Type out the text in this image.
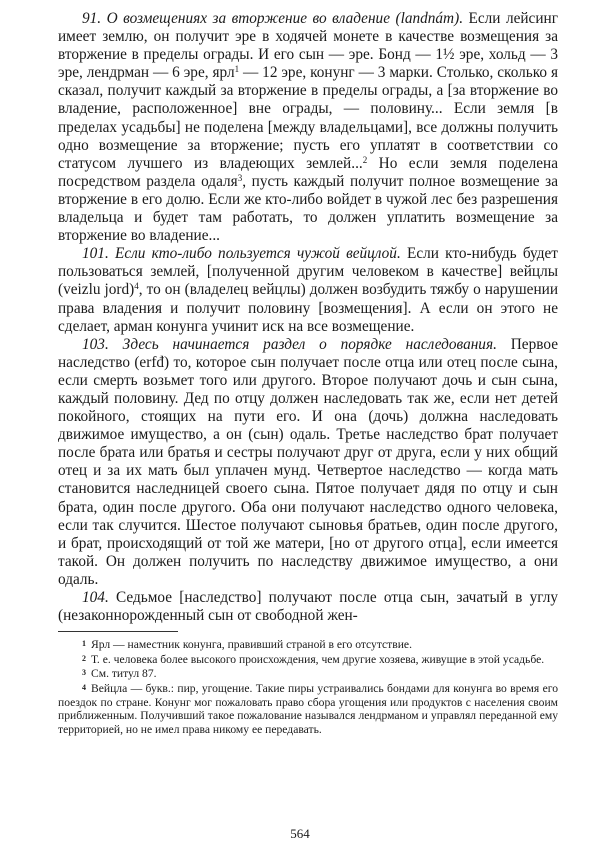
91. О возмещениях за вторжение во владение (landnám). Если лейсинг имеет землю, он получит эре в ходячей монете в качестве возмещения за вторжение в пределы ограды. И его сын — эре. Бонд — 1½ эре, хольд — 3 эре, лендрман — 6 эре, ярл$^1$ — 12 эре, конунг — 3 марки. Столько, сколько я сказал, получит каждый за вторжение в пределы ограды, а [за вторжение во владение, расположенное] вне ограды, — половину... Если земля [в пределах усадьбы] не поделена [между владельцами], все должны получить одно возмещение за вторжение; пусть его уплатят в соответствии со статусом лучшего из владеющих землей...$^2$ Но если земля поделена посредством раздела одаля$^3$, пусть каждый получит полное возмещение за вторжение в его долю. Если же кто-либо войдет в чужой лес без разрешения владельца и будет там работать, то должен уплатить возмещение за вторжение во владение...

101. Если кто-либо пользуется чужой вейцлой. Если кто-нибудь будет пользоваться землей, [полученной другим человеком в качестве] вейцлы (veizlu jord)$^4$, то он (владелец вейцлы) должен возбудить тяжбу о нарушении права владения и получит половину [возмещения]. А если он этого не сделает, арман конунга учинит иск на все возмещение.

103. Здесь начинается раздел о порядке наследования. Первое наследство (erfđ) то, которое сын получает после отца или отец после сына, если смерть возьмет того или другого. Второе получают дочь и сын сына, каждый половину. Дед по отцу должен наследовать так же, если нет детей покойного, стоящих на пути его. И она (дочь) должна наследовать движимое имущество, а он (сын) одаль. Третье наследство брат получает после брата или братья и сестры получают друг от друга, если у них общий отец и за их мать был уплачен мунд. Четвертое наследство — когда мать становится наследницей своего сына. Пятое получает дядя по отцу и сын брата, один после другого. Оба они получают наследство одного человека, если так случится. Шестое получают сыновья братьев, один после другого, и брат, происходящий от той же матери, [но от другого отца], если имеется такой. Он должен получить по наследству движимое имущество, а они одаль.

104. Седьмое [наследство] получают после отца сын, зачатый в углу (незаконнорожденный сын от свободной жен-

1 Ярл — наместник конунга, правивший страной в его отсутствие.

2 Т. е. человека более высокого происхождения, чем другие хозяева, живущие в этой усадьбе.

3 См. титул 87.

4 Вейцла — букв.: пир, угощение. Такие пиры устраивались бондами для конунга во время его поездок по стране. Конунг мог пожаловать право сбора угощения или продуктов с населения своим приближенным. Получивший такое пожалование назывался лендрманом и управлял переданной ему территорией, но не имел права никому ее передавать.

564
